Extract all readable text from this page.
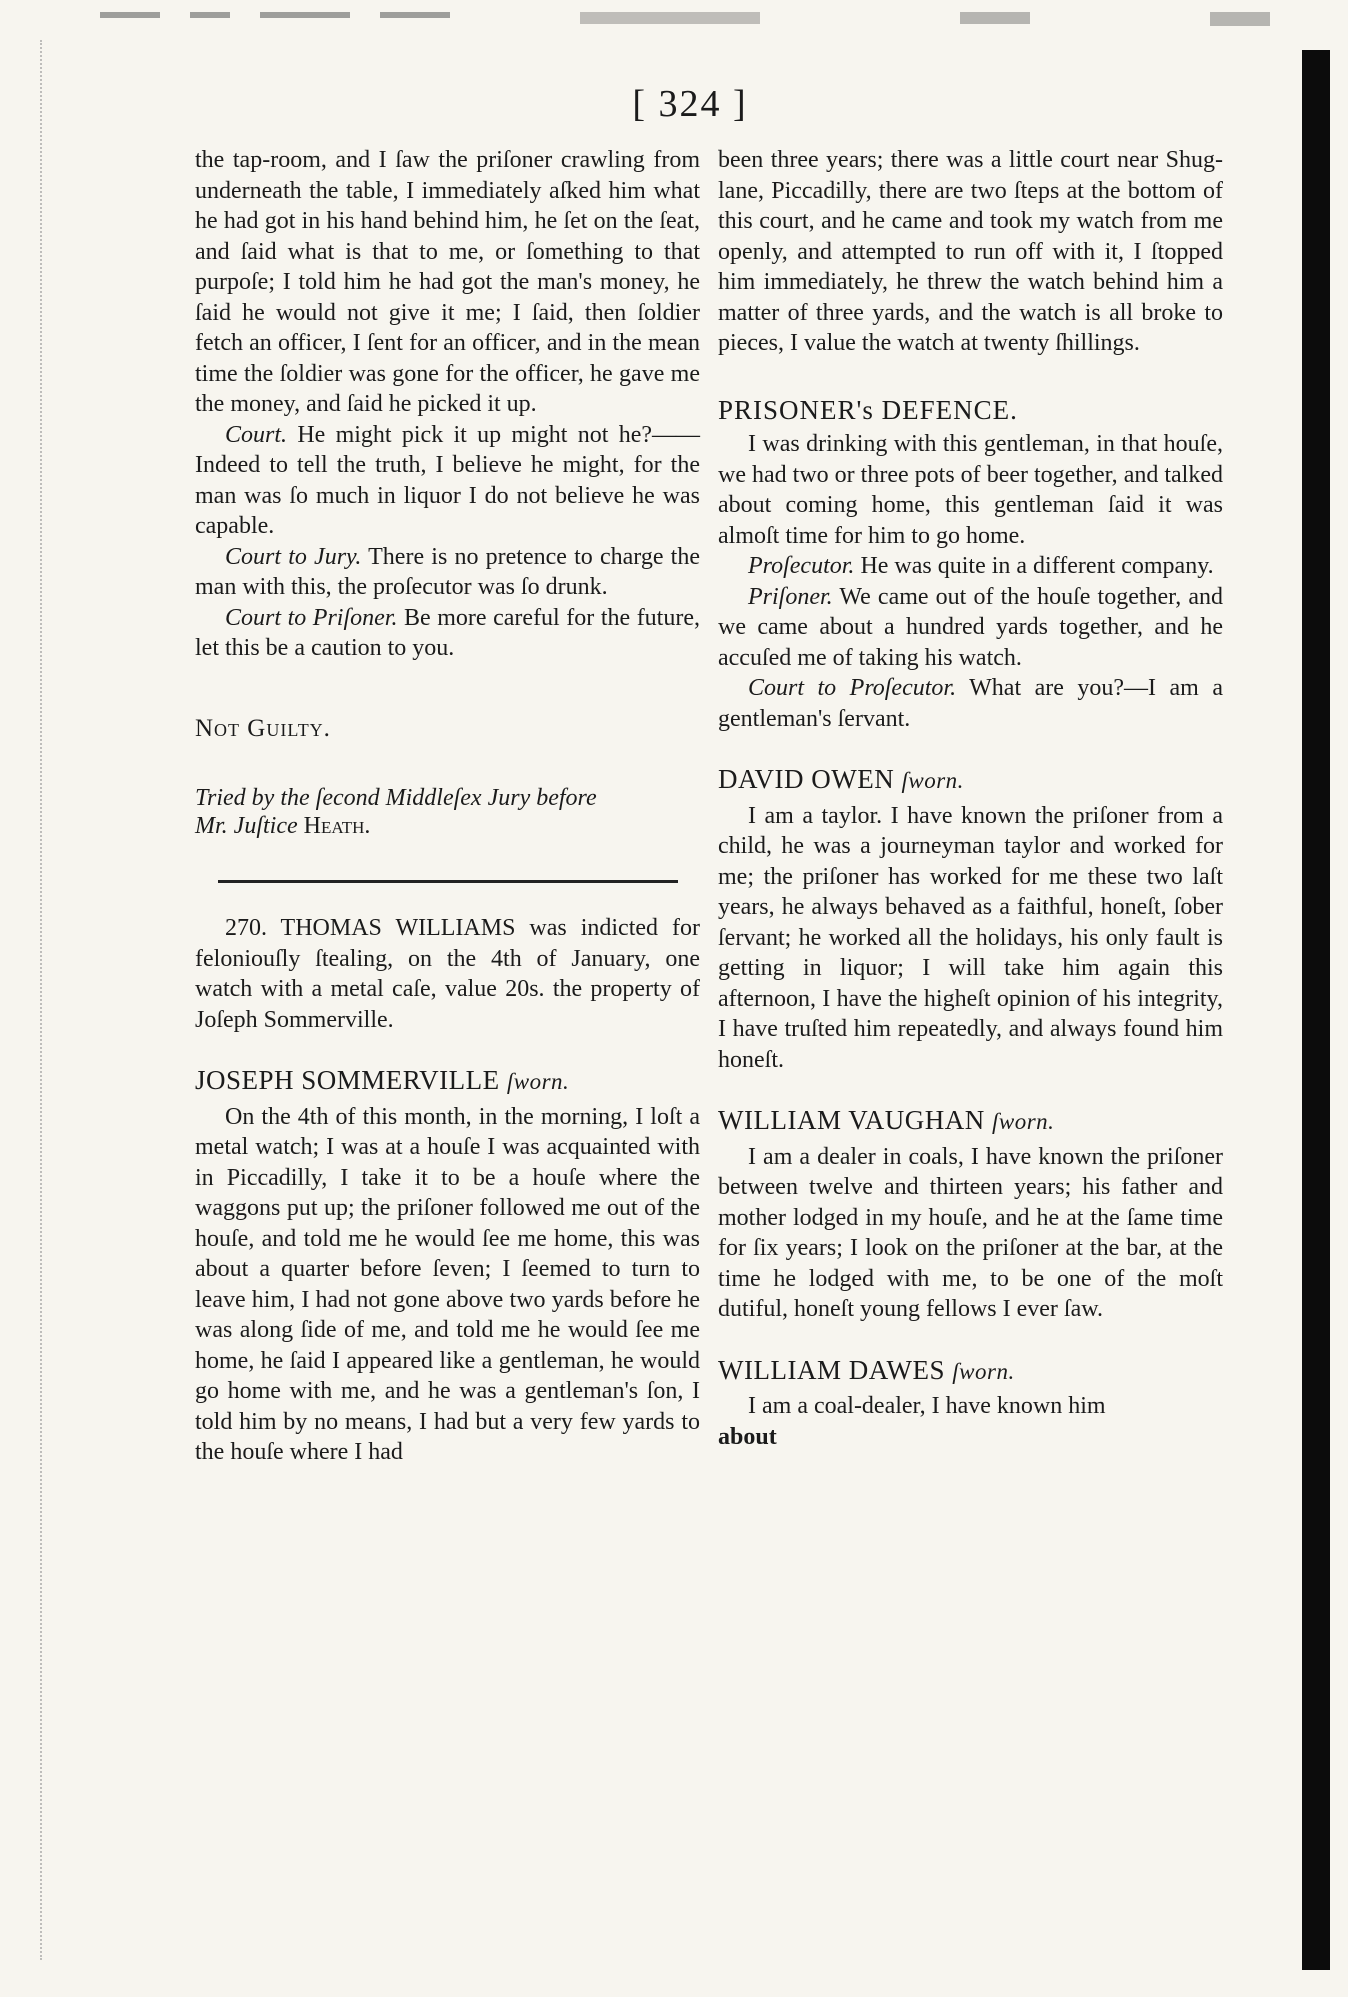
[ 324 ]

the tap-room, and I ſaw the priſoner crawling from underneath the table, I immediately aſked him what he had got in his hand behind him, he ſet on the ſeat, and ſaid what is that to me, or ſomething to that purpoſe; I told him he had got the man's money, he ſaid he would not give it me; I ſaid, then ſoldier fetch an officer, I ſent for an officer, and in the mean time the ſoldier was gone for the officer, he gave me the money, and ſaid he picked it up.

Court. He might pick it up might not he?——Indeed to tell the truth, I believe he might, for the man was ſo much in liquor I do not believe he was capable.

Court to Jury. There is no pretence to charge the man with this, the proſecutor was ſo drunk.

Court to Priſoner. Be more careful for the future, let this be a caution to you.

Not Guilty.

Tried by the ſecond Middleſex Jury before
Mr. Juſtice Heath.

270. THOMAS WILLIAMS was indicted for feloniouſly ſtealing, on the 4th of January, one watch with a metal caſe, value 20s. the property of Joſeph Sommerville.

JOSEPH SOMMERVILLE ſworn.

On the 4th of this month, in the morning, I loſt a metal watch; I was at a houſe I was acquainted with in Piccadilly, I take it to be a houſe where the waggons put up; the priſoner followed me out of the houſe, and told me he would ſee me home, this was about a quarter before ſeven; I ſeemed to turn to leave him, I had not gone above two yards before he was along ſide of me, and told me he would ſee me home, he ſaid I appeared like a gentleman, he would go home with me, and he was a gentleman's ſon, I told him by no means, I had but a very few yards to the houſe where I had

been three years; there was a little court near Shug-lane, Piccadilly, there are two ſteps at the bottom of this court, and he came and took my watch from me openly, and attempted to run off with it, I ſtopped him immediately, he threw the watch behind him a matter of three yards, and the watch is all broke to pieces, I value the watch at twenty ſhillings.

PRISONER's DEFENCE.

I was drinking with this gentleman, in that houſe, we had two or three pots of beer together, and talked about coming home, this gentleman ſaid it was almoſt time for him to go home.

Proſecutor. He was quite in a different company.

Priſoner. We came out of the houſe together, and we came about a hundred yards together, and he accuſed me of taking his watch.

Court to Proſecutor. What are you?—I am a gentleman's ſervant.

DAVID OWEN ſworn.

I am a taylor. I have known the priſoner from a child, he was a journeyman taylor and worked for me; the priſoner has worked for me these two laſt years, he always behaved as a faithful, honeſt, ſober ſervant; he worked all the holidays, his only fault is getting in liquor; I will take him again this afternoon, I have the higheſt opinion of his integrity, I have truſted him repeatedly, and always found him honeſt.

WILLIAM VAUGHAN ſworn.

I am a dealer in coals, I have known the priſoner between twelve and thirteen years; his father and mother lodged in my houſe, and he at the ſame time for ſix years; I look on the priſoner at the bar, at the time he lodged with me, to be one of the moſt dutiful, honeſt young fellows I ever ſaw.

WILLIAM DAWES ſworn.

I am a coal-dealer, I have known him

about
